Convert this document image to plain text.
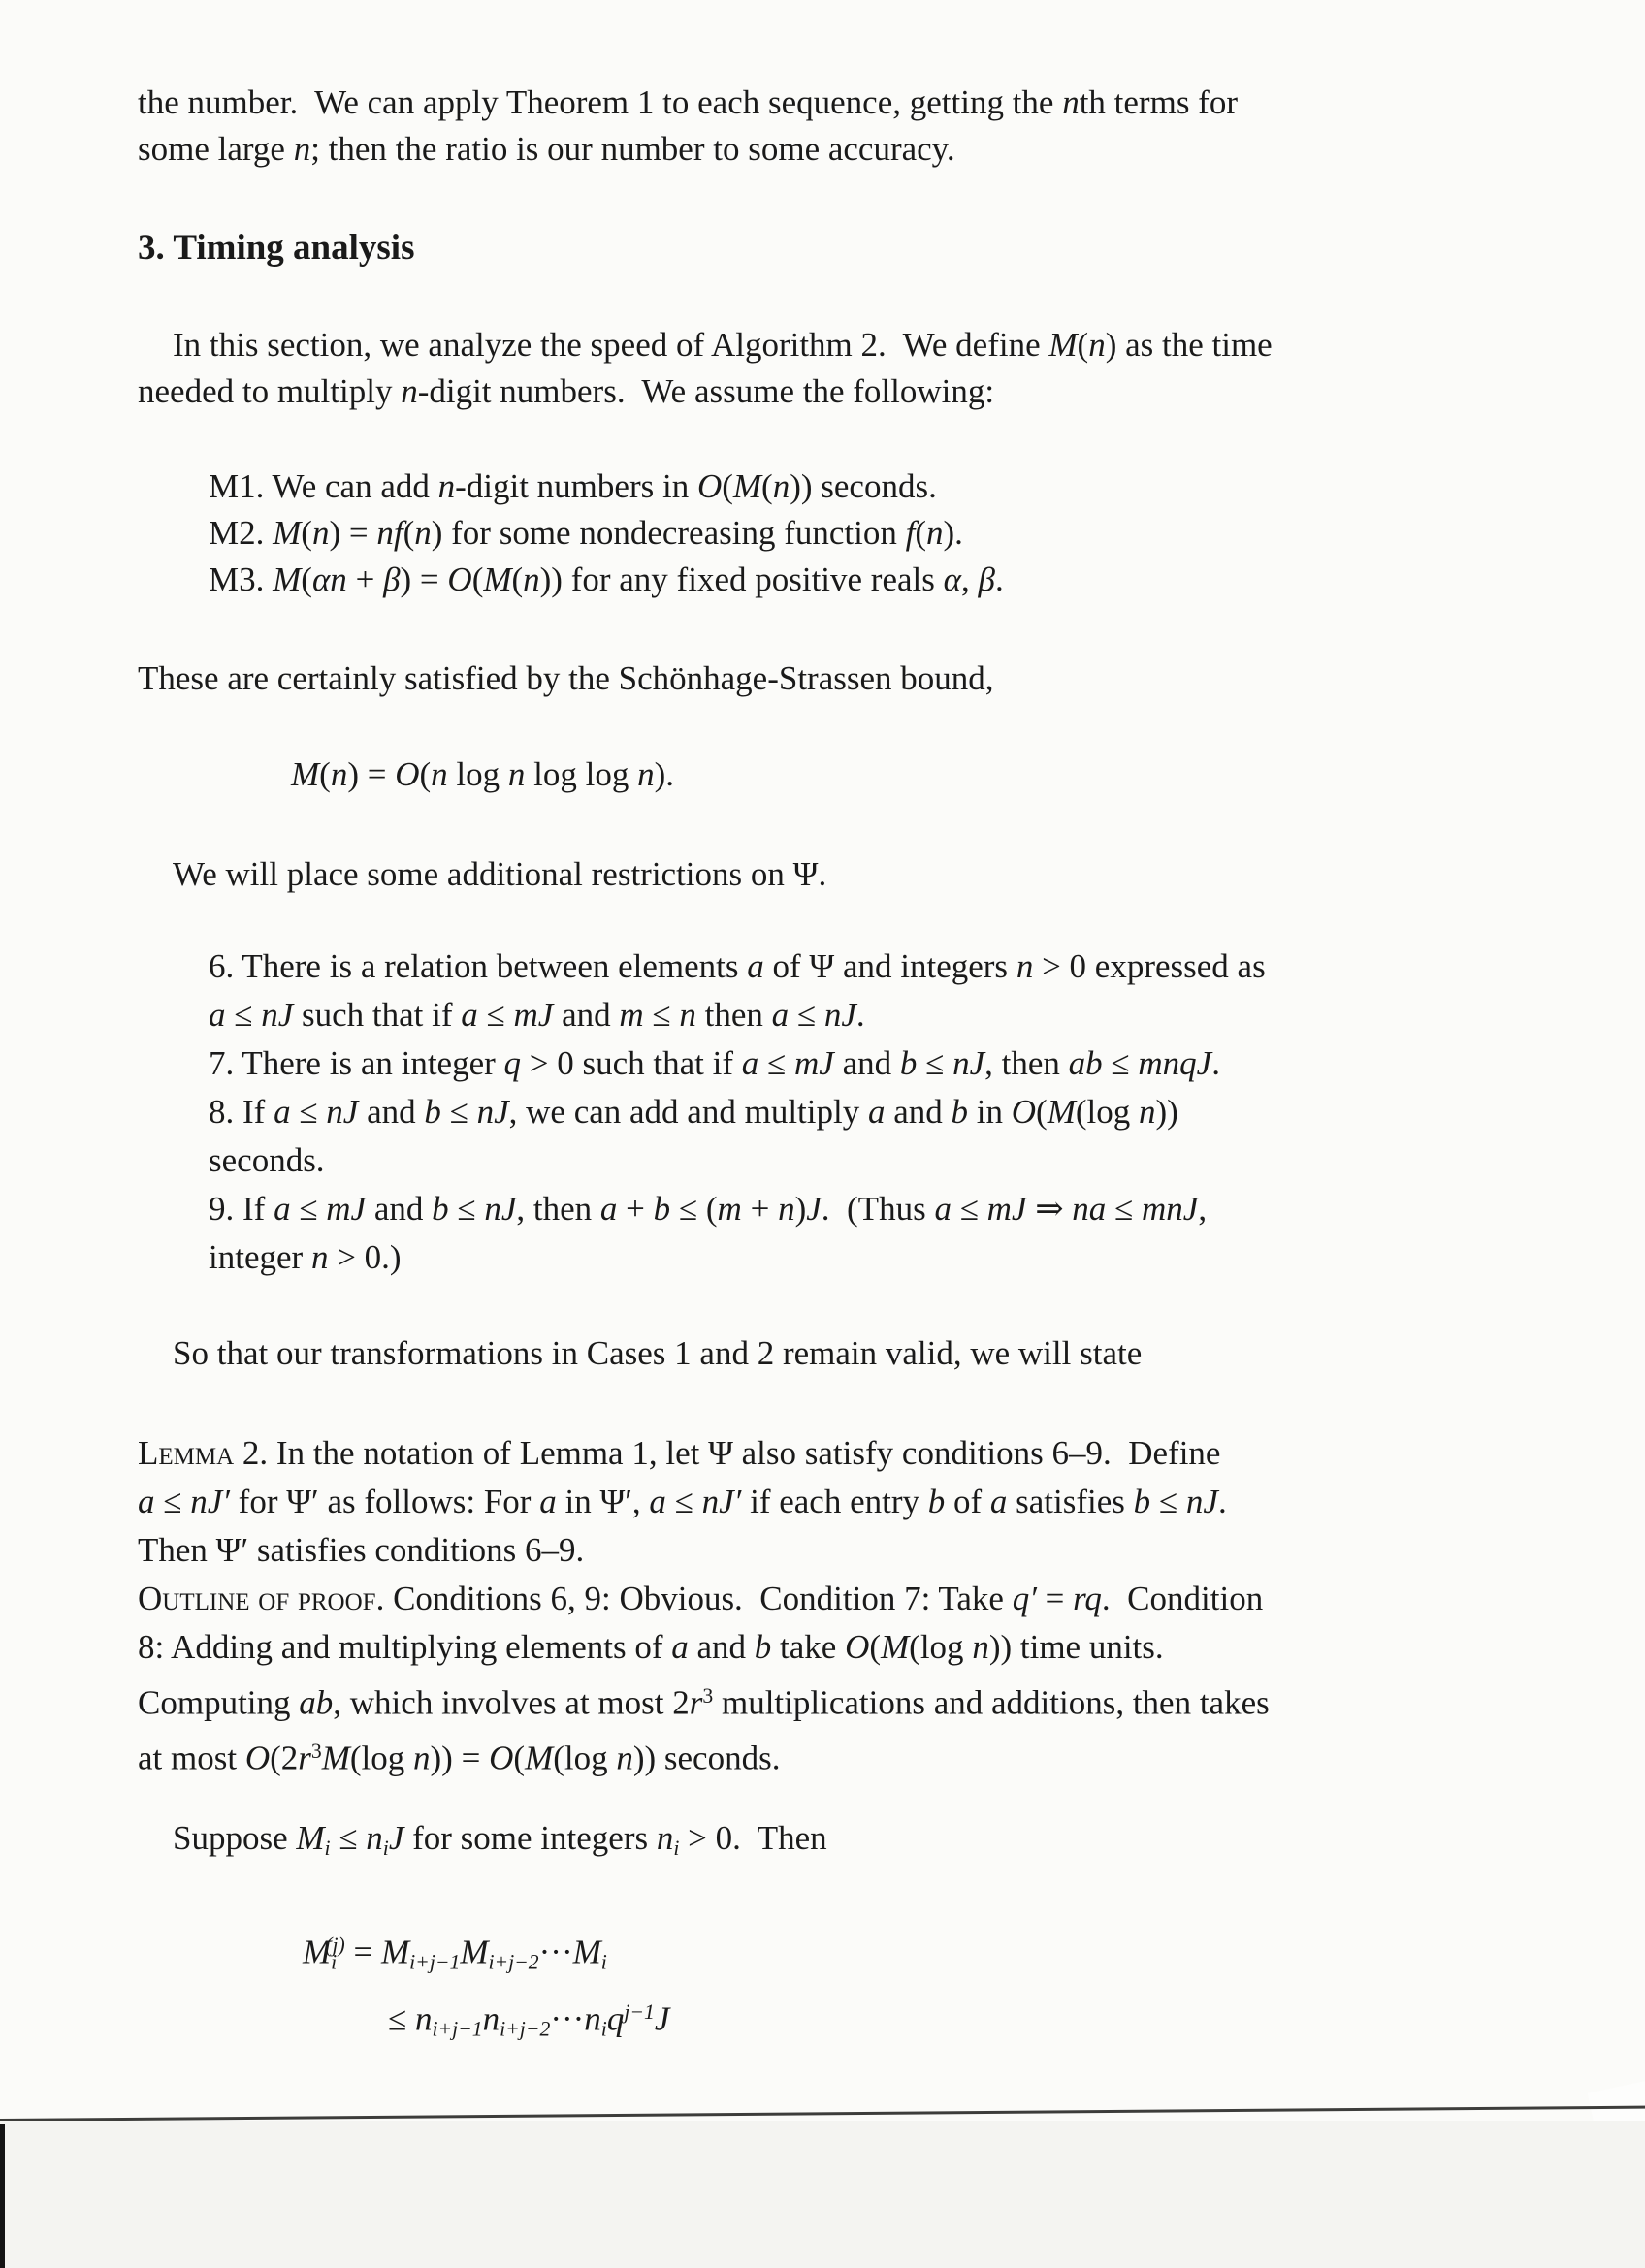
the number.  We can apply Theorem 1 to each sequence, getting the nth terms for
some large n; then the ratio is our number to some accuracy.
3. Timing analysis
In this section, we analyze the speed of Algorithm 2.  We define M(n) as the time
needed to multiply n-digit numbers.  We assume the following:
M1. We can add n-digit numbers in O(M(n)) seconds.
M2. M(n) = nf(n) for some nondecreasing function f(n).
M3. M(αn + β) = O(M(n)) for any fixed positive reals α, β.
These are certainly satisfied by the Schönhage-Strassen bound,
M(n) = O(n log n log log n).
We will place some additional restrictions on Ψ.
6. There is a relation between elements a of Ψ and integers n > 0 expressed as
a ≤ nJ such that if a ≤ mJ and m ≤ n then a ≤ nJ.
7. There is an integer q > 0 such that if a ≤ mJ and b ≤ nJ, then ab ≤ mnqJ.
8. If a ≤ nJ and b ≤ nJ, we can add and multiply a and b in O(M(log n))
seconds.
9. If a ≤ mJ and b ≤ nJ, then a + b ≤ (m + n)J.  (Thus a ≤ mJ ⇒ na ≤ mnJ,
integer n > 0.)
So that our transformations in Cases 1 and 2 remain valid, we will state
Lemma 2. In the notation of Lemma 1, let Ψ also satisfy conditions 6–9.  Define
a ≤ nJ′ for Ψ′ as follows: For a in Ψ′, a ≤ nJ′ if each entry b of a satisfies b ≤ nJ.
Then Ψ′ satisfies conditions 6–9.
Outline of proof. Conditions 6, 9: Obvious.  Condition 7: Take q′ = rq.  Condition
8: Adding and multiplying elements of a and b take O(M(log n)) time units.
Computing ab, which involves at most $2r^3$ multiplications and additions, then takes
at most $O(2r^3M(\log$ n)) = O(M(log n)) seconds.
Suppose $M_i \le n_iJ$ for some integers $n_i > 0$.  Then
$M_i^{(j)} = M_{i+j-1}M_{i+j-2}\cdot\cdot\cdot M_i$
≤ $n_{i+j-1}n_{i+j-2}\cdot\cdot\cdot n_iq^{j-1}J$
